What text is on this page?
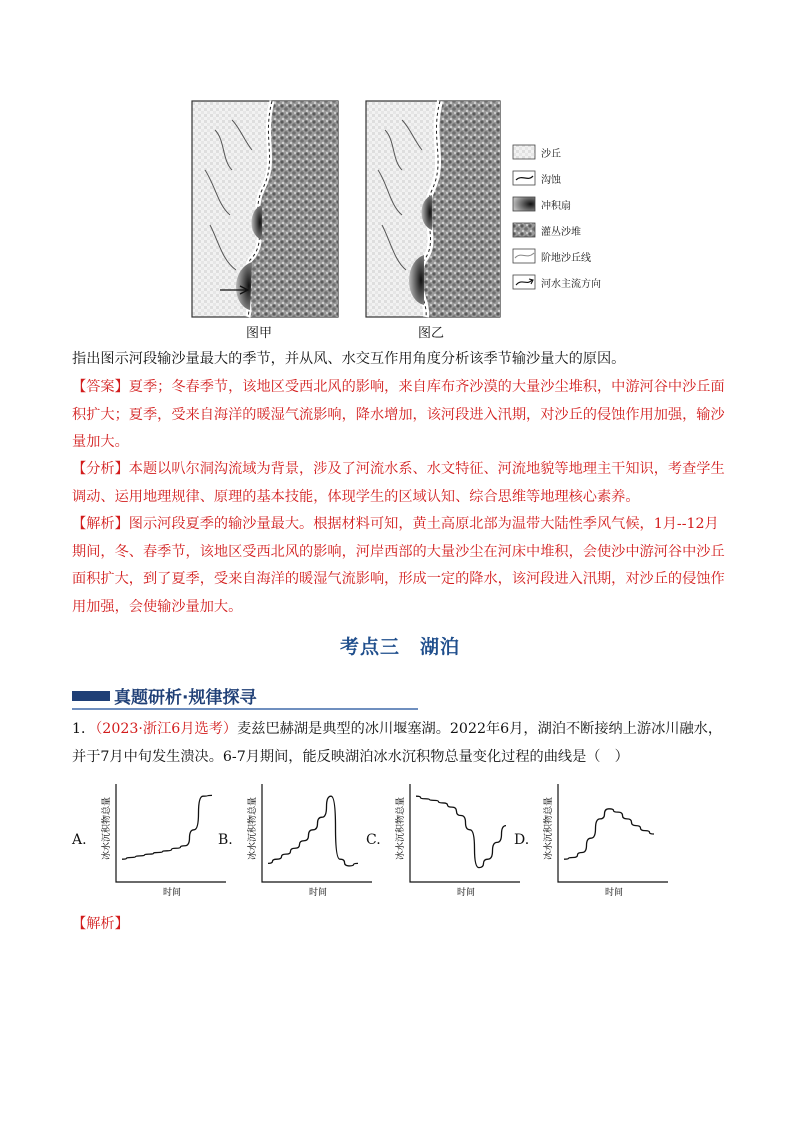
沙丘
沟蚀
冲积扇
灌丛沙堆
阶地沙丘线
河水主流方向
图甲	图乙
指出图示河段输沙量最大的季节，并从风、水交互作用角度分析该季节输沙量大的原因。
【答案】夏季；冬春季节，该地区受西北风的影响，来自库布齐沙漠的大量沙尘堆积，中游河谷中沙丘面积扩大；夏季，受来自海洋的暖湿气流影响，降水增加，该河段进入汛期，对沙丘的侵蚀作用加强，输沙量加大。
【分析】本题以叭尔洞沟流域为背景，涉及了河流水系、水文特征、河流地貌等地理主干知识，考查学生调动、运用地理规律、原理的基本技能，体现学生的区域认知、综合思维等地理核心素养。
【解析】图示河段夏季的输沙量最大。根据材料可知，黄土高原北部为温带大陆性季风气候，1月--12月期间，冬、春季节，该地区受西北风的影响，河岸西部的大量沙尘在河床中堆积，会使沙中游河谷中沙丘面积扩大，到了夏季，受来自海洋的暖湿气流影响，形成一定的降水，该河段进入汛期，对沙丘的侵蚀作用加强，会使输沙量加大。
考点三　湖泊
真题研析·规律探寻
1．（2023·浙江6月选考）麦兹巴赫湖是典型的冰川堰塞湖。2022年6月，湖泊不断接纳上游冰川融水，并于7月中旬发生溃决。6-7月期间，能反映湖泊冰水沉积物总量变化过程的曲线是（　）
A. 冰水沉积物总量
时间
B. 冰水沉积物总量
时间
C. 冰水沉积物总量
时间
D. 冰水沉积物总量
时间
【解析】
